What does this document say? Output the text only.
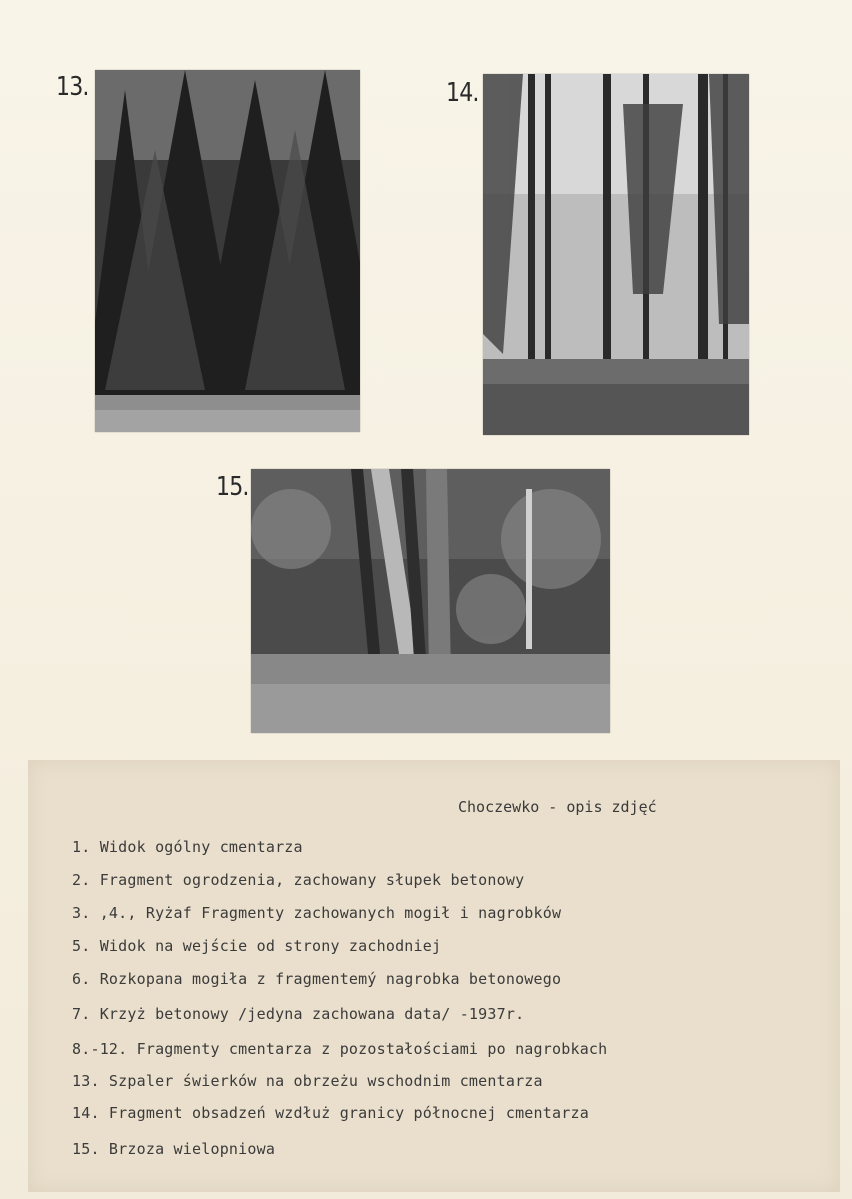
13.	14.
15.
Choczewko - opis zdjęć
1. Widok ogólny cmentarza
2. Fragment ogrodzenia, zachowany słupek betonowy
3. ,4., Ryżaf Fragmenty zachowanych mogił i nagrobków
5. Widok na wejście od strony zachodniej
6. Rozkopana mogiła z fragmentemý nagrobka betonowego
7. Krzyż betonowy /jedyna zachowana data/ -1937r.
8.-12. Fragmenty cmentarza z pozostałościami po nagrobkach
13. Szpaler świerków na obrzeżu wschodnim cmentarza
14. Fragment obsadzeń wzdłuż granicy północnej cmentarza
15. Brzoza wielopniowa
